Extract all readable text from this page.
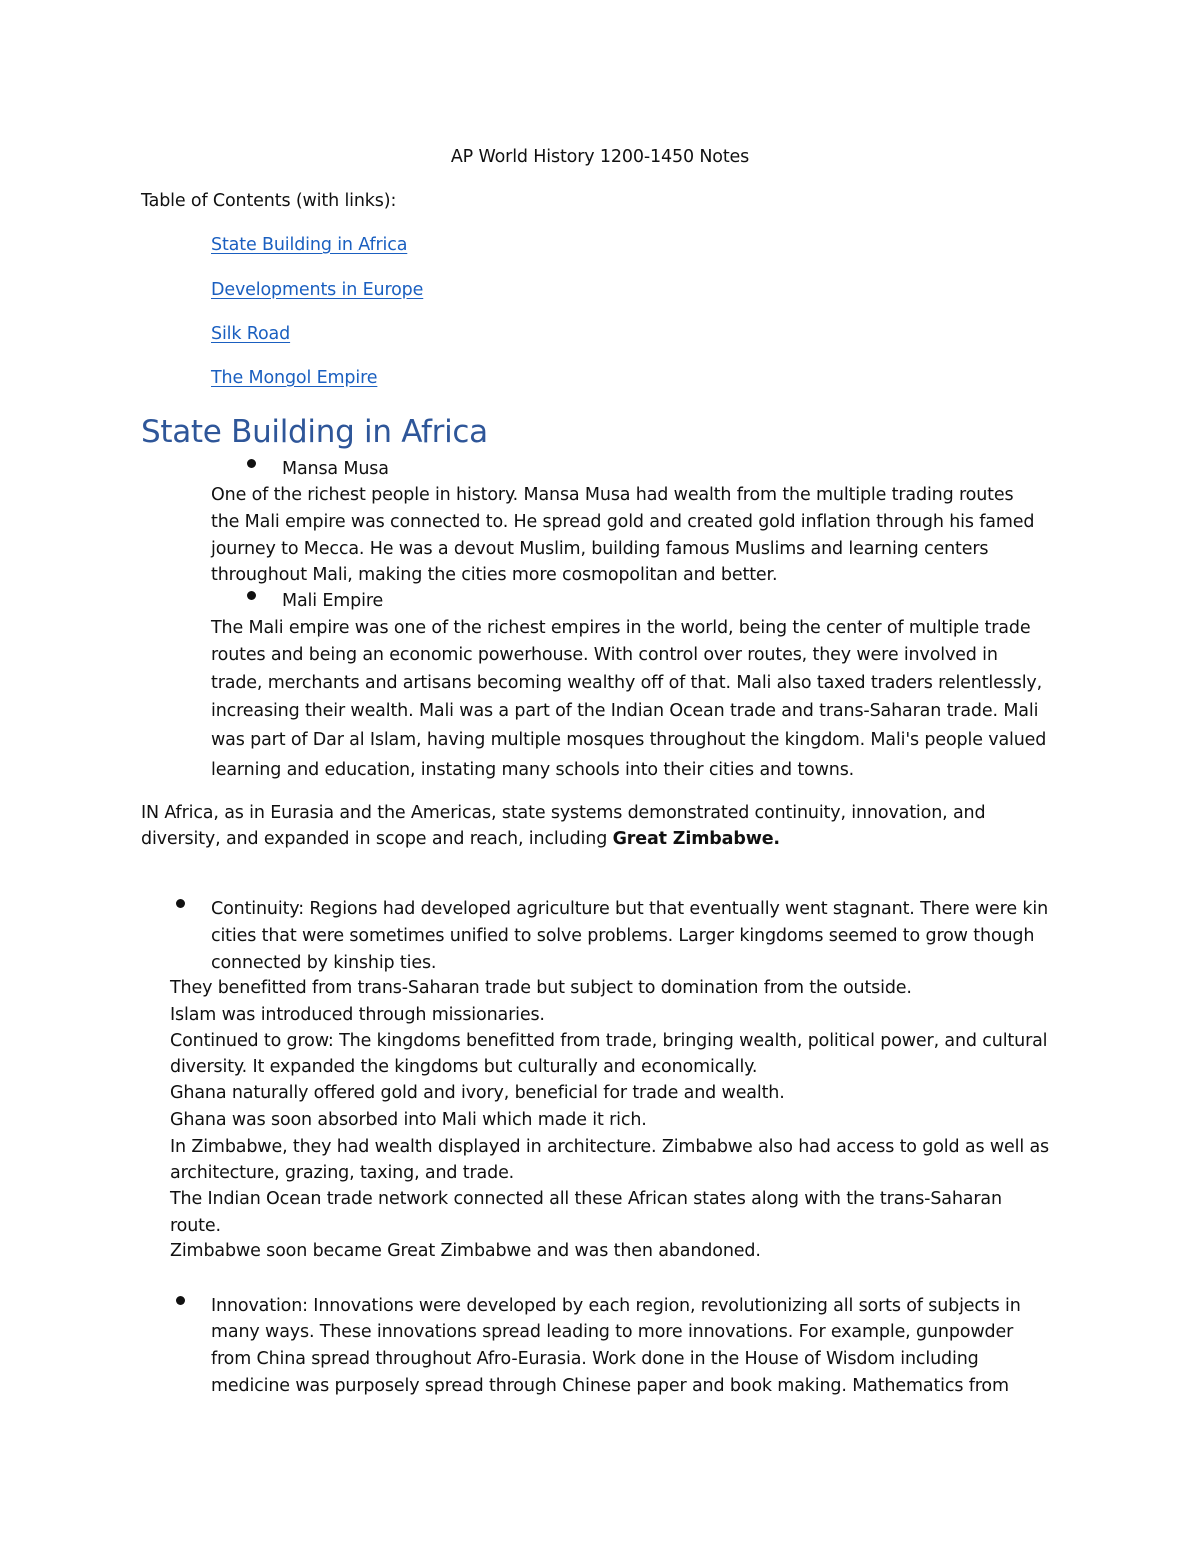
AP World History 1200-1450 Notes
Table of Contents (with links):
State Building in Africa
Developments in Europe
Silk Road
The Mongol Empire
State Building in Africa
Mansa Musa
One of the richest people in history. Mansa Musa had wealth from the multiple trading routes
the Mali empire was connected to. He spread gold and created gold inflation through his famed
journey to Mecca. He was a devout Muslim, building famous Muslims and learning centers
throughout Mali, making the cities more cosmopolitan and better.
Mali Empire
The Mali empire was one of the richest empires in the world, being the center of multiple trade
routes and being an economic powerhouse. With control over routes, they were involved in
trade, merchants and artisans becoming wealthy off of that. Mali also taxed traders relentlessly,
increasing their wealth. Mali was a part of the Indian Ocean trade and trans-Saharan trade. Mali
was part of Dar al Islam, having multiple mosques throughout the kingdom. Mali's people valued
learning and education, instating many schools into their cities and towns.
IN Africa, as in Eurasia and the Americas, state systems demonstrated continuity, innovation, and
diversity, and expanded in scope and reach, including Great Zimbabwe.
Continuity: Regions had developed agriculture but that eventually went stagnant. There were kin
cities that were sometimes unified to solve problems. Larger kingdoms seemed to grow though
connected by kinship ties.
They benefitted from trans-Saharan trade but subject to domination from the outside.
Islam was introduced through missionaries.
Continued to grow: The kingdoms benefitted from trade, bringing wealth, political power, and cultural
diversity. It expanded the kingdoms but culturally and economically.
Ghana naturally offered gold and ivory, beneficial for trade and wealth.
Ghana was soon absorbed into Mali which made it rich.
In Zimbabwe, they had wealth displayed in architecture. Zimbabwe also had access to gold as well as
architecture, grazing, taxing, and trade.
The Indian Ocean trade network connected all these African states along with the trans-Saharan
route.
Zimbabwe soon became Great Zimbabwe and was then abandoned.
Innovation: Innovations were developed by each region, revolutionizing all sorts of subjects in
many ways. These innovations spread leading to more innovations. For example, gunpowder
from China spread throughout Afro-Eurasia. Work done in the House of Wisdom including
medicine was purposely spread through Chinese paper and book making. Mathematics from
